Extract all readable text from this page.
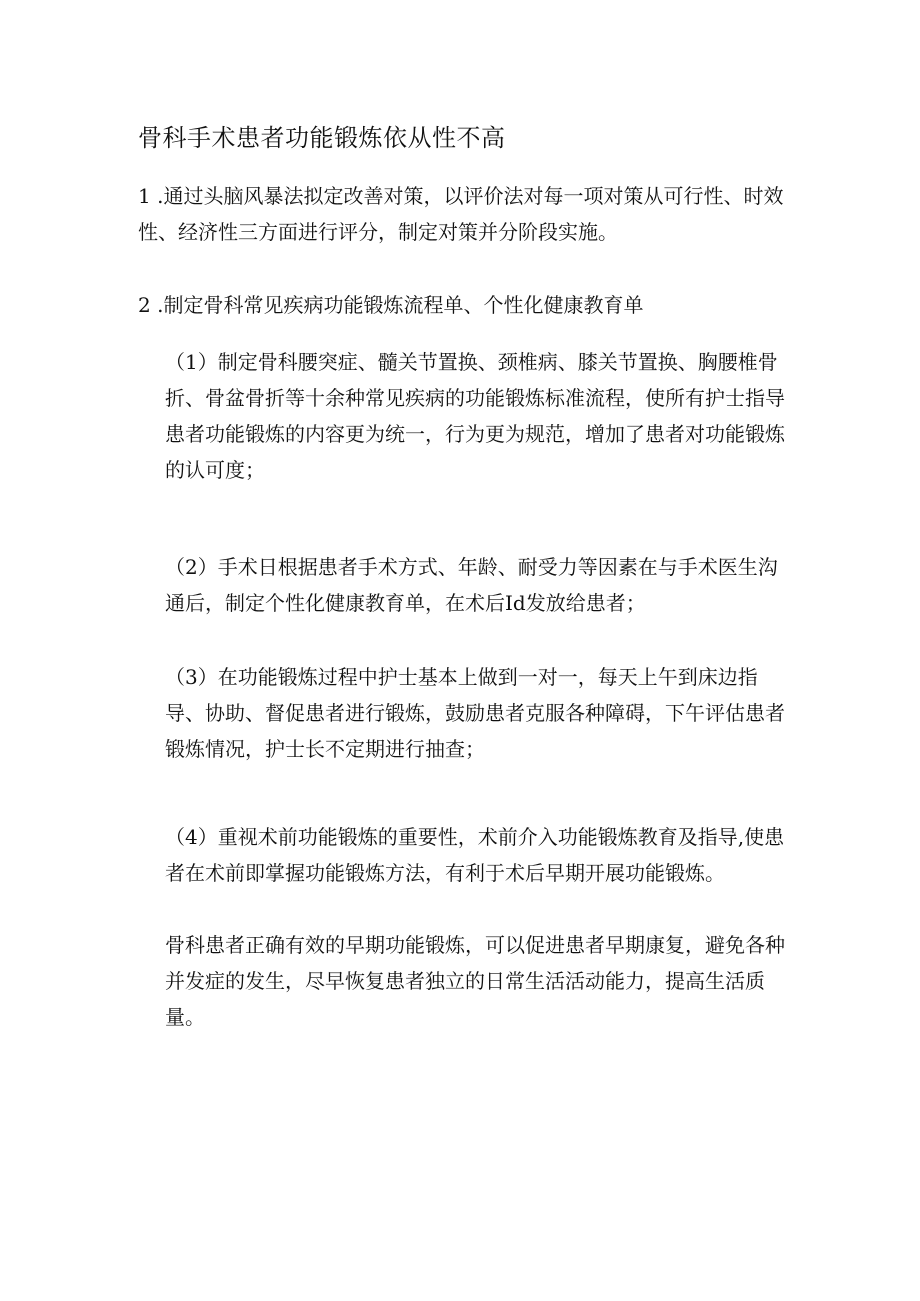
骨科手术患者功能锻炼依从性不高

1 .通过头脑风暴法拟定改善对策，以评价法对每一项对策从可行性、时效性、经济性三方面进行评分，制定对策并分阶段实施。

2 .制定骨科常见疾病功能锻炼流程单、个性化健康教育单

（1）制定骨科腰突症、髓关节置换、颈椎病、膝关节置换、胸腰椎骨折、骨盆骨折等十余种常见疾病的功能锻炼标准流程，使所有护士指导患者功能锻炼的内容更为统一，行为更为规范，增加了患者对功能锻炼的认可度；

（2）手术日根据患者手术方式、年龄、耐受力等因素在与手术医生沟通后，制定个性化健康教育单，在术后Id发放给患者；

（3）在功能锻炼过程中护士基本上做到一对一，每天上午到床边指导、协助、督促患者进行锻炼，鼓励患者克服各种障碍，下午评估患者锻炼情况，护士长不定期进行抽查；

（4）重视术前功能锻炼的重要性，术前介入功能锻炼教育及指导,使患者在术前即掌握功能锻炼方法，有利于术后早期开展功能锻炼。

骨科患者正确有效的早期功能锻炼，可以促进患者早期康复，避免各种并发症的发生，尽早恢复患者独立的日常生活活动能力，提高生活质量。
